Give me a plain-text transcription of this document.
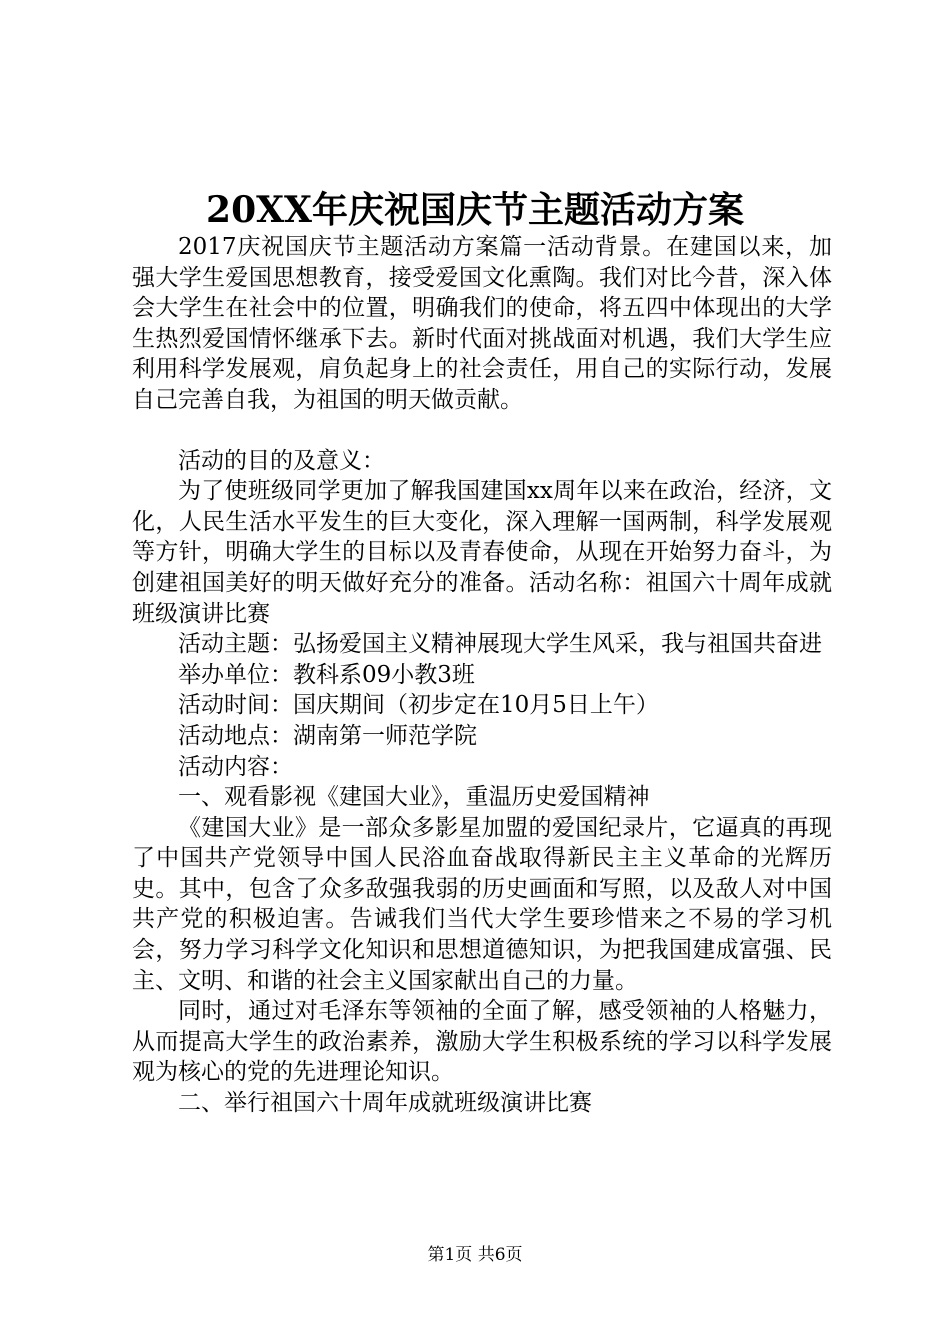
20XX年庆祝国庆节主题活动方案

2017庆祝国庆节主题活动方案篇一活动背景。在建国以来，加强大学生爱国思想教育，接受爱国文化熏陶。我们对比今昔，深入体会大学生在社会中的位置，明确我们的使命，将五四中体现出的大学生热烈爱国情怀继承下去。新时代面对挑战面对机遇，我们大学生应利用科学发展观，肩负起身上的社会责任，用自己的实际行动，发展自己完善自我，为祖国的明天做贡献。

活动的目的及意义：

为了使班级同学更加了解我国建国xx周年以来在政治，经济，文化，人民生活水平发生的巨大变化，深入理解一国两制，科学发展观等方针，明确大学生的目标以及青春使命，从现在开始努力奋斗，为创建祖国美好的明天做好充分的准备。活动名称：祖国六十周年成就班级演讲比赛

活动主题：弘扬爱国主义精神展现大学生风采，我与祖国共奋进

举办单位：教科系09小教3班

活动时间：国庆期间（初步定在10月5日上午）

活动地点：湖南第一师范学院

活动内容：

一、观看影视《建国大业》，重温历史爱国精神

《建国大业》是一部众多影星加盟的爱国纪录片，它逼真的再现了中国共产党领导中国人民浴血奋战取得新民主主义革命的光辉历史。其中，包含了众多敌强我弱的历史画面和写照，以及敌人对中国共产党的积极迫害。告诫我们当代大学生要珍惜来之不易的学习机会，努力学习科学文化知识和思想道德知识，为把我国建成富强、民主、文明、和谐的社会主义国家献出自己的力量。

同时，通过对毛泽东等领袖的全面了解，感受领袖的人格魅力，从而提高大学生的政治素养，激励大学生积极系统的学习以科学发展观为核心的党的先进理论知识。

二、举行祖国六十周年成就班级演讲比赛

第1页 共6页
